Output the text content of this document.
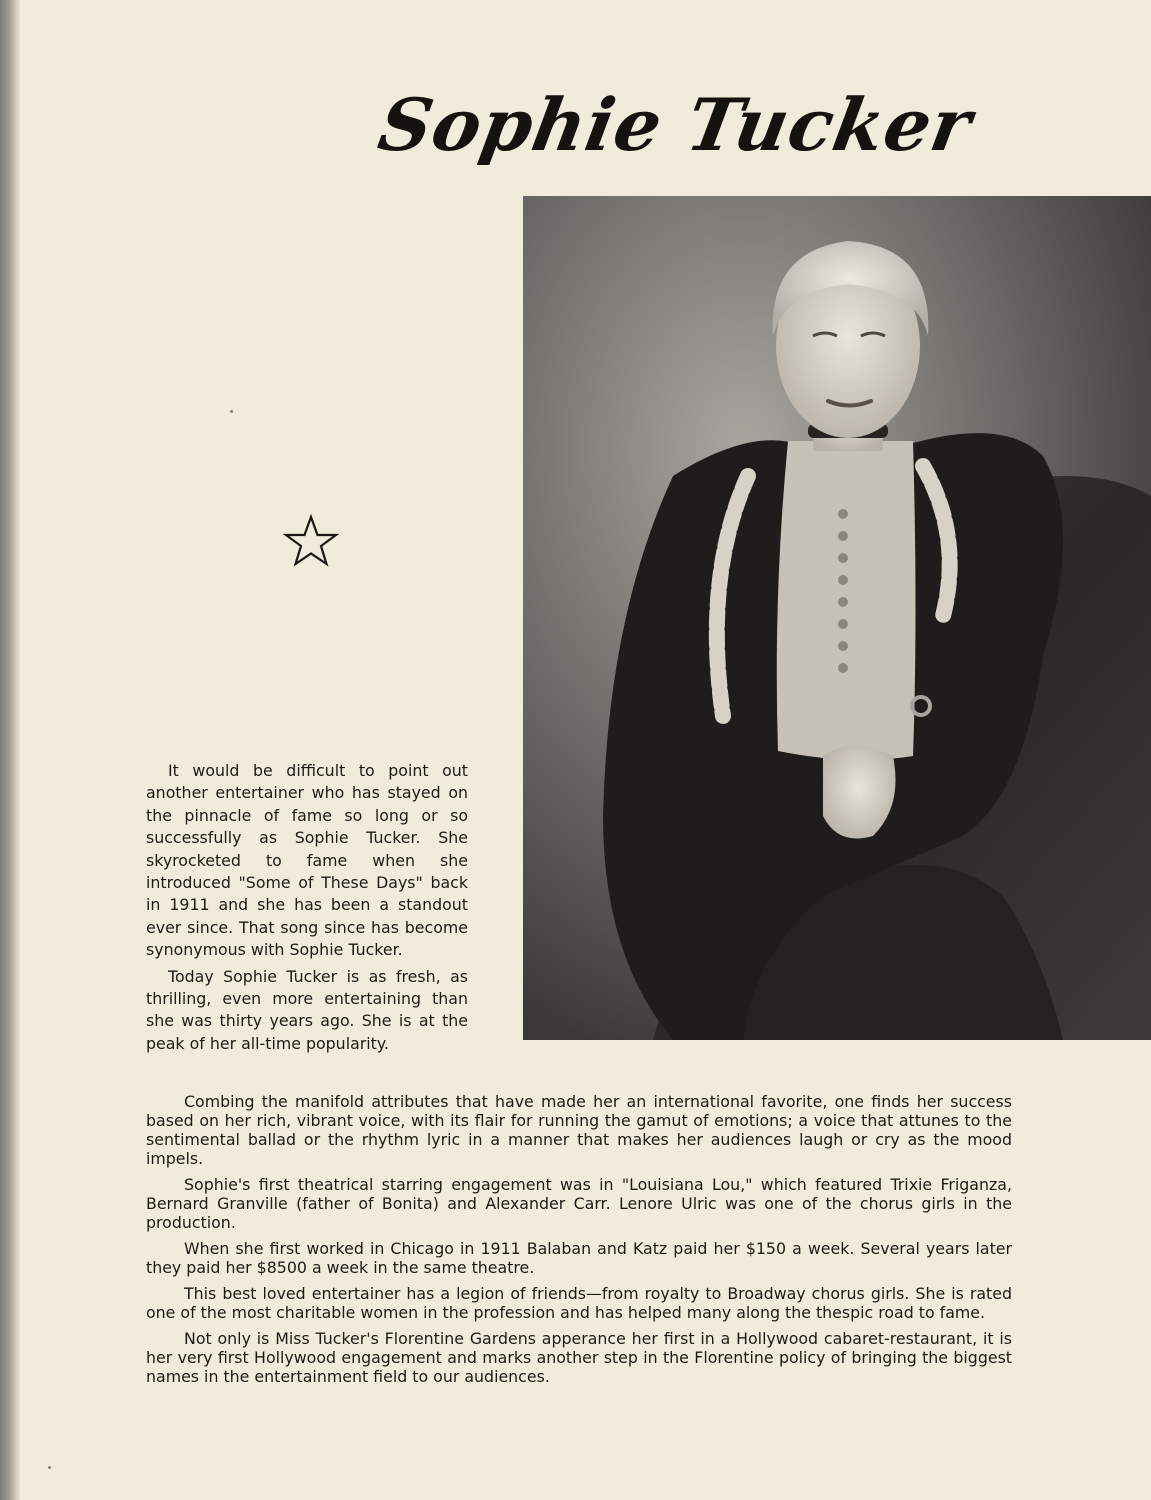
Sophie Tucker

It would be difficult to point out another entertainer who has stayed on the pinnacle of fame so long or so successfully as Sophie Tucker. She skyrocketed to fame when she introduced "Some of These Days" back in 1911 and she has been a standout ever since. That song since has become synonymous with Sophie Tucker.

Today Sophie Tucker is as fresh, as thrilling, even more entertaining than she was thirty years ago. She is at the peak of her all-time popularity.

Combing the manifold attributes that have made her an international favorite, one finds her success based on her rich, vibrant voice, with its flair for running the gamut of emotions; a voice that attunes to the sentimental ballad or the rhythm lyric in a manner that makes her audiences laugh or cry as the mood impels.

Sophie's first theatrical starring engagement was in "Louisiana Lou," which featured Trixie Friganza, Bernard Granville (father of Bonita) and Alexander Carr. Lenore Ulric was one of the chorus girls in the production.

When she first worked in Chicago in 1911 Balaban and Katz paid her $150 a week. Several years later they paid her $8500 a week in the same theatre.

This best loved entertainer has a legion of friends—from royalty to Broadway chorus girls. She is rated one of the most charitable women in the profession and has helped many along the thespic road to fame.

Not only is Miss Tucker's Florentine Gardens apperance her first in a Hollywood cabaret-restaurant, it is her very first Hollywood engagement and marks another step in the Florentine policy of bringing the biggest names in the entertainment field to our audiences.
